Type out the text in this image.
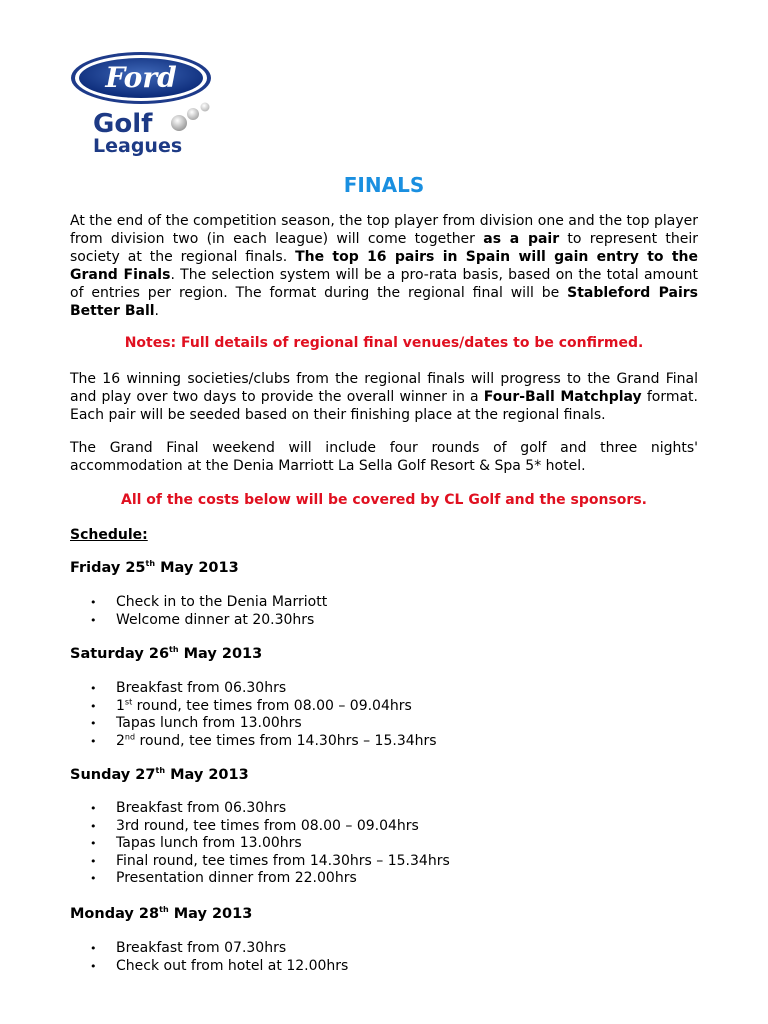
Ford
Golf
Leagues
FINALS

At the end of the competition season, the top player from division one and the top player from division two (in each league) will come together as a pair to represent their society at the regional finals. The top 16 pairs in Spain will gain entry to the Grand Finals. The selection system will be a pro-rata basis, based on the total amount of entries per region. The format during the regional final will be Stableford Pairs Better Ball.

Notes: Full details of regional final venues/dates to be confirmed.

The 16 winning societies/clubs from the regional finals will progress to the Grand Final and play over two days to provide the overall winner in a Four-Ball Matchplay format. Each pair will be seeded based on their finishing place at the regional finals.

The Grand Final weekend will include four rounds of golf and three nights' accommodation at the Denia Marriott La Sella Golf Resort & Spa 5* hotel.

All of the costs below will be covered by CL Golf and the sponsors.

Schedule:

Friday 25th May 2013

• Check in to the Denia Marriott
• Welcome dinner at 20.30hrs

Saturday 26th May 2013

• Breakfast from 06.30hrs
• 1st round, tee times from 08.00 – 09.04hrs
• Tapas lunch from 13.00hrs
• 2nd round, tee times from 14.30hrs – 15.34hrs

Sunday 27th May 2013

• Breakfast from 06.30hrs
• 3rd round, tee times from 08.00 – 09.04hrs
• Tapas lunch from 13.00hrs
• Final round, tee times from 14.30hrs – 15.34hrs
• Presentation dinner from 22.00hrs

Monday 28th May 2013

• Breakfast from 07.30hrs
• Check out from hotel at 12.00hrs
